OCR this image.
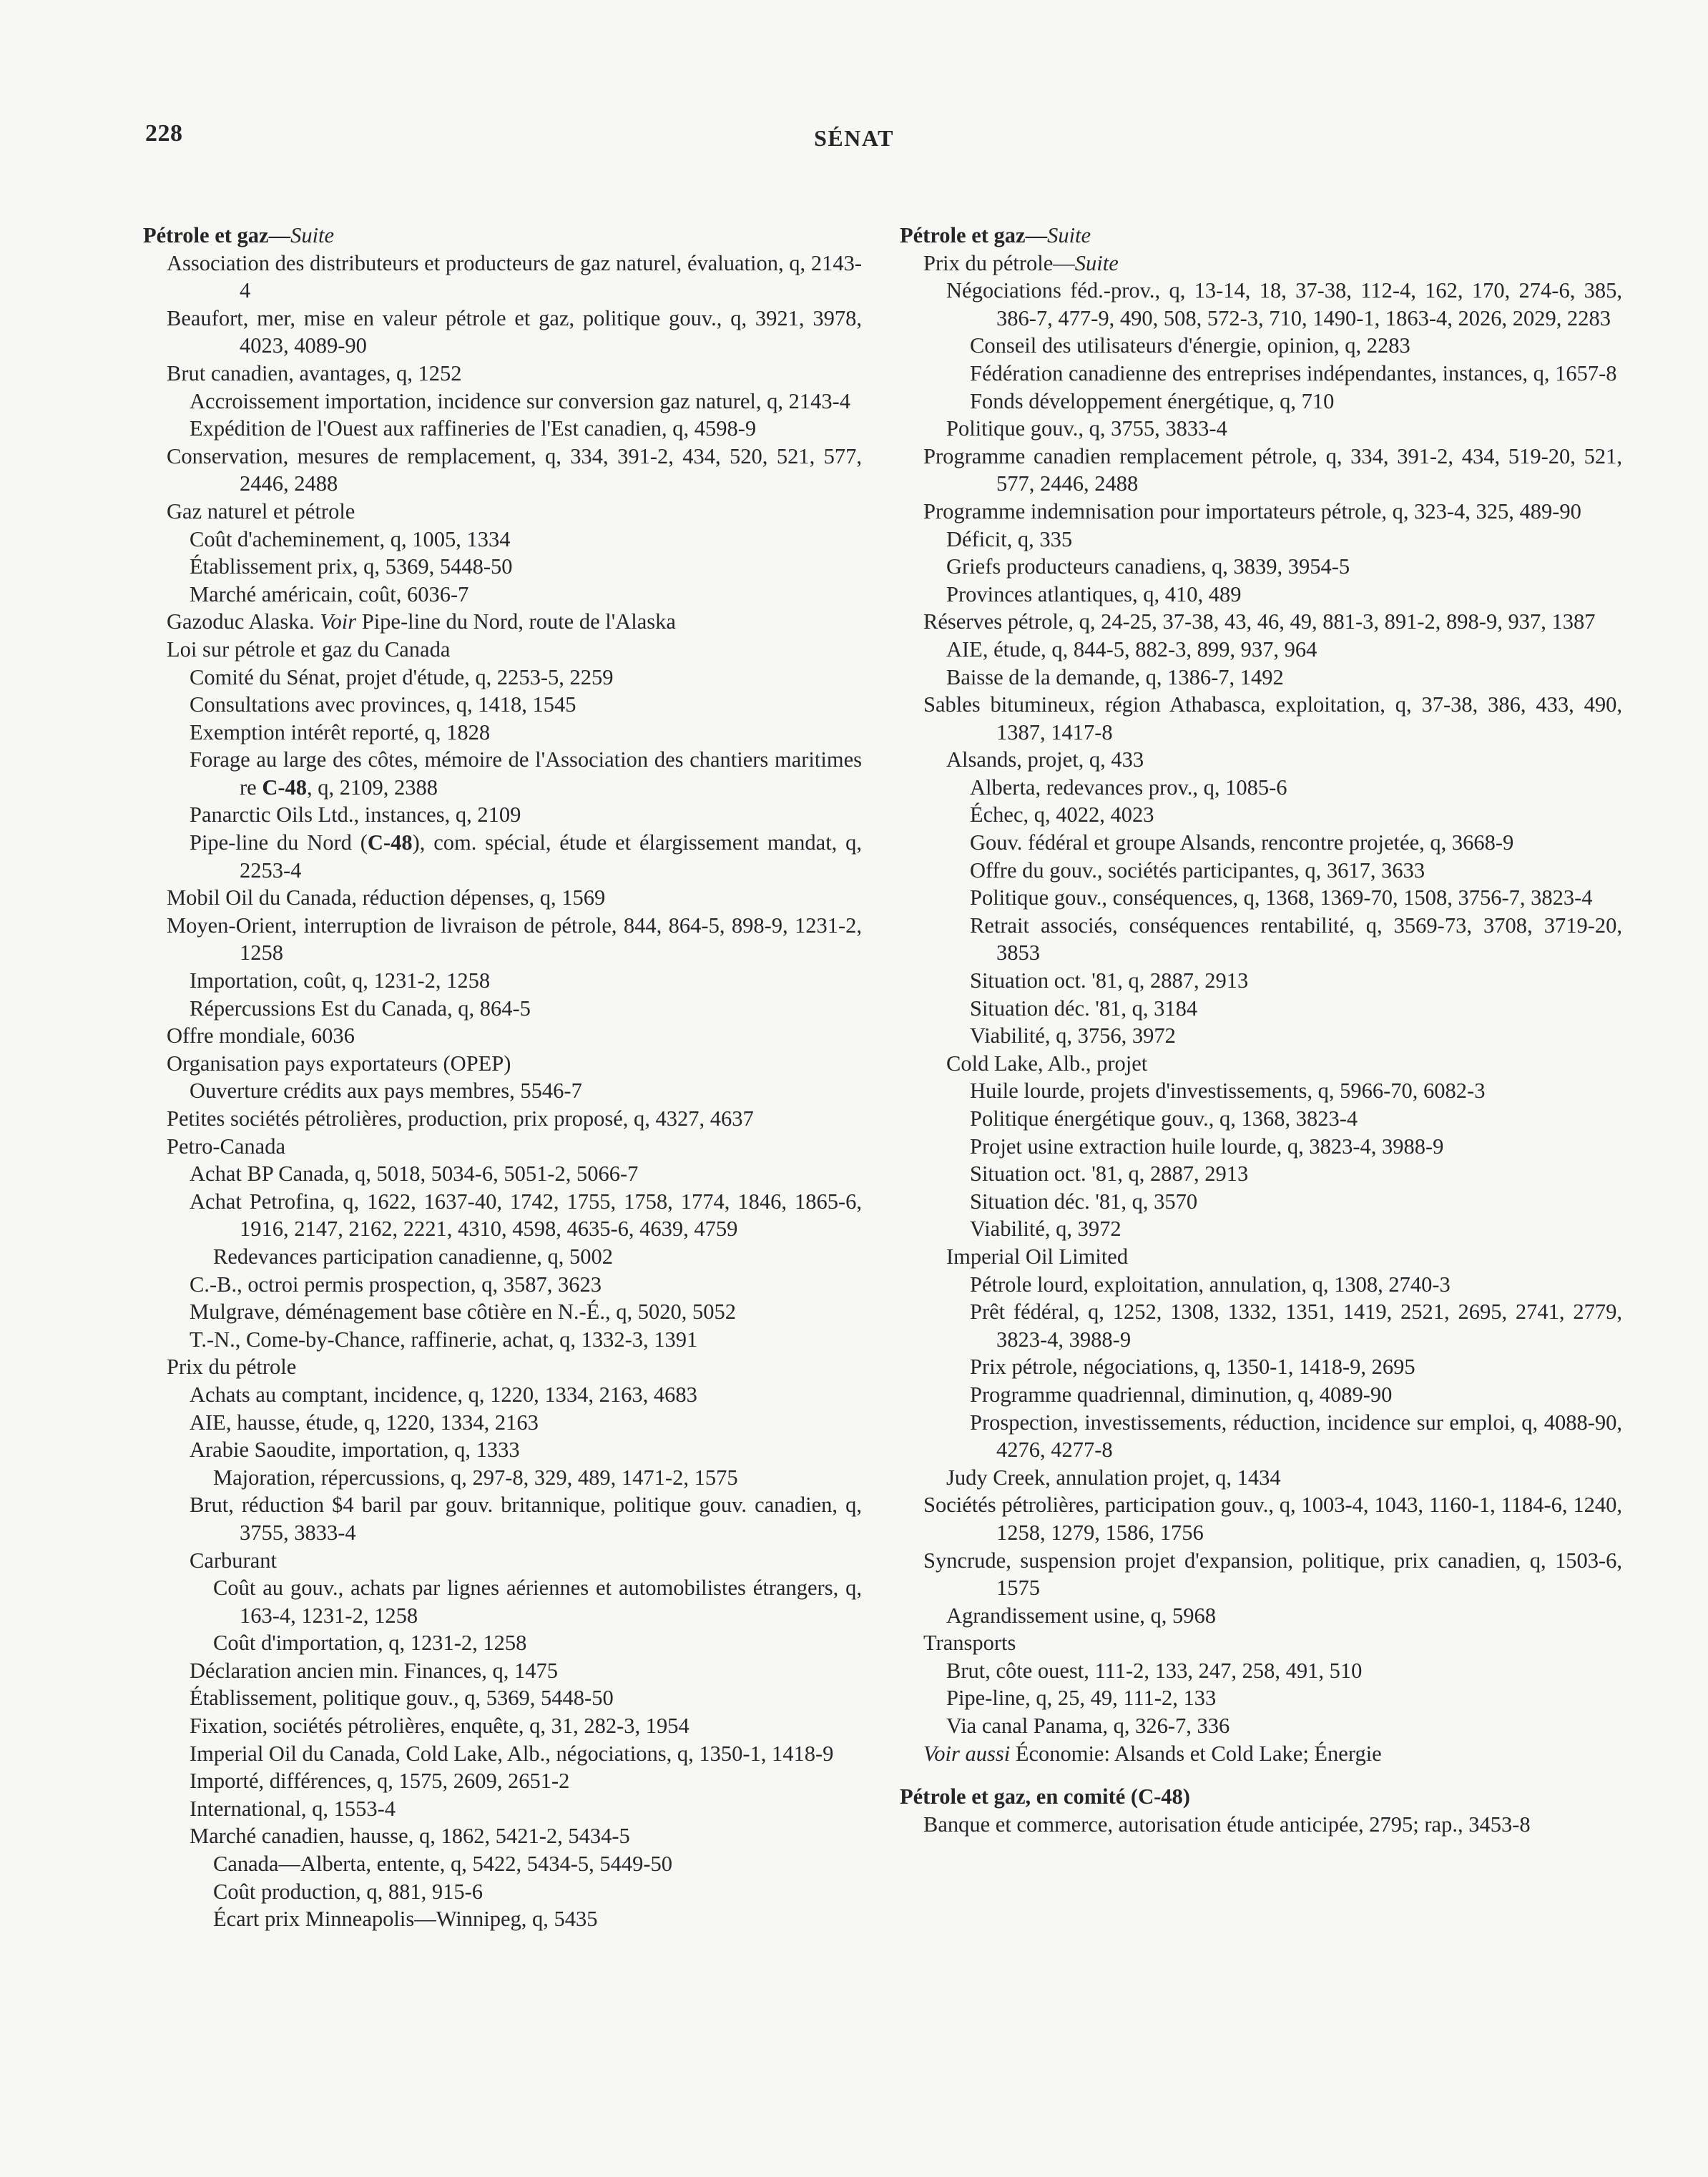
228	SÉNAT
Pétrole et gaz—Suite
Association des distributeurs et producteurs de gaz naturel, évaluation, q, 2143-4
Beaufort, mer, mise en valeur pétrole et gaz, politique gouv., q, 3921, 3978, 4023, 4089-90
Brut canadien, avantages, q, 1252
Accroissement importation, incidence sur conversion gaz naturel, q, 2143-4
Expédition de l'Ouest aux raffineries de l'Est canadien, q, 4598-9
Conservation, mesures de remplacement, q, 334, 391-2, 434, 520, 521, 577, 2446, 2488
Gaz naturel et pétrole
Coût d'acheminement, q, 1005, 1334
Établissement prix, q, 5369, 5448-50
Marché américain, coût, 6036-7
Gazoduc Alaska. Voir Pipe-line du Nord, route de l'Alaska
Loi sur pétrole et gaz du Canada
Comité du Sénat, projet d'étude, q, 2253-5, 2259
Consultations avec provinces, q, 1418, 1545
Exemption intérêt reporté, q, 1828
Forage au large des côtes, mémoire de l'Association des chantiers maritimes re C-48, q, 2109, 2388
Panarctic Oils Ltd., instances, q, 2109
Pipe-line du Nord (C-48), com. spécial, étude et élargissement mandat, q, 2253-4
Mobil Oil du Canada, réduction dépenses, q, 1569
Moyen-Orient, interruption de livraison de pétrole, 844, 864-5, 898-9, 1231-2, 1258
Importation, coût, q, 1231-2, 1258
Répercussions Est du Canada, q, 864-5
Offre mondiale, 6036
Organisation pays exportateurs (OPEP)
Ouverture crédits aux pays membres, 5546-7
Petites sociétés pétrolières, production, prix proposé, q, 4327, 4637
Petro-Canada
Achat BP Canada, q, 5018, 5034-6, 5051-2, 5066-7
Achat Petrofina, q, 1622, 1637-40, 1742, 1755, 1758, 1774, 1846, 1865-6, 1916, 2147, 2162, 2221, 4310, 4598, 4635-6, 4639, 4759
Redevances participation canadienne, q, 5002
C.-B., octroi permis prospection, q, 3587, 3623
Mulgrave, déménagement base côtière en N.-É., q, 5020, 5052
T.-N., Come-by-Chance, raffinerie, achat, q, 1332-3, 1391
Prix du pétrole
Achats au comptant, incidence, q, 1220, 1334, 2163, 4683
AIE, hausse, étude, q, 1220, 1334, 2163
Arabie Saoudite, importation, q, 1333
Majoration, répercussions, q, 297-8, 329, 489, 1471-2, 1575
Brut, réduction $4 baril par gouv. britannique, politique gouv. canadien, q, 3755, 3833-4
Carburant
Coût au gouv., achats par lignes aériennes et automobilistes étrangers, q, 163-4, 1231-2, 1258
Coût d'importation, q, 1231-2, 1258
Déclaration ancien min. Finances, q, 1475
Établissement, politique gouv., q, 5369, 5448-50
Fixation, sociétés pétrolières, enquête, q, 31, 282-3, 1954
Imperial Oil du Canada, Cold Lake, Alb., négociations, q, 1350-1, 1418-9
Importé, différences, q, 1575, 2609, 2651-2
International, q, 1553-4
Marché canadien, hausse, q, 1862, 5421-2, 5434-5
Canada—Alberta, entente, q, 5422, 5434-5, 5449-50
Coût production, q, 881, 915-6
Écart prix Minneapolis—Winnipeg, q, 5435
Pétrole et gaz—Suite
Prix du pétrole—Suite
Négociations féd.-prov., q, 13-14, 18, 37-38, 112-4, 162, 170, 274-6, 385, 386-7, 477-9, 490, 508, 572-3, 710, 1490-1, 1863-4, 2026, 2029, 2283
Conseil des utilisateurs d'énergie, opinion, q, 2283
Fédération canadienne des entreprises indépendantes, instances, q, 1657-8
Fonds développement énergétique, q, 710
Politique gouv., q, 3755, 3833-4
Programme canadien remplacement pétrole, q, 334, 391-2, 434, 519-20, 521, 577, 2446, 2488
Programme indemnisation pour importateurs pétrole, q, 323-4, 325, 489-90
Déficit, q, 335
Griefs producteurs canadiens, q, 3839, 3954-5
Provinces atlantiques, q, 410, 489
Réserves pétrole, q, 24-25, 37-38, 43, 46, 49, 881-3, 891-2, 898-9, 937, 1387
AIE, étude, q, 844-5, 882-3, 899, 937, 964
Baisse de la demande, q, 1386-7, 1492
Sables bitumineux, région Athabasca, exploitation, q, 37-38, 386, 433, 490, 1387, 1417-8
Alsands, projet, q, 433
Alberta, redevances prov., q, 1085-6
Échec, q, 4022, 4023
Gouv. fédéral et groupe Alsands, rencontre projetée, q, 3668-9
Offre du gouv., sociétés participantes, q, 3617, 3633
Politique gouv., conséquences, q, 1368, 1369-70, 1508, 3756-7, 3823-4
Retrait associés, conséquences rentabilité, q, 3569-73, 3708, 3719-20, 3853
Situation oct. '81, q, 2887, 2913
Situation déc. '81, q, 3184
Viabilité, q, 3756, 3972
Cold Lake, Alb., projet
Huile lourde, projets d'investissements, q, 5966-70, 6082-3
Politique énergétique gouv., q, 1368, 3823-4
Projet usine extraction huile lourde, q, 3823-4, 3988-9
Situation oct. '81, q, 2887, 2913
Situation déc. '81, q, 3570
Viabilité, q, 3972
Imperial Oil Limited
Pétrole lourd, exploitation, annulation, q, 1308, 2740-3
Prêt fédéral, q, 1252, 1308, 1332, 1351, 1419, 2521, 2695, 2741, 2779, 3823-4, 3988-9
Prix pétrole, négociations, q, 1350-1, 1418-9, 2695
Programme quadriennal, diminution, q, 4089-90
Prospection, investissements, réduction, incidence sur emploi, q, 4088-90, 4276, 4277-8
Judy Creek, annulation projet, q, 1434
Sociétés pétrolières, participation gouv., q, 1003-4, 1043, 1160-1, 1184-6, 1240, 1258, 1279, 1586, 1756
Syncrude, suspension projet d'expansion, politique, prix canadien, q, 1503-6, 1575
Agrandissement usine, q, 5968
Transports
Brut, côte ouest, 111-2, 133, 247, 258, 491, 510
Pipe-line, q, 25, 49, 111-2, 133
Via canal Panama, q, 326-7, 336
Voir aussi Économie: Alsands et Cold Lake; Énergie
Pétrole et gaz, en comité (C-48)
Banque et commerce, autorisation étude anticipée, 2795; rap., 3453-8
